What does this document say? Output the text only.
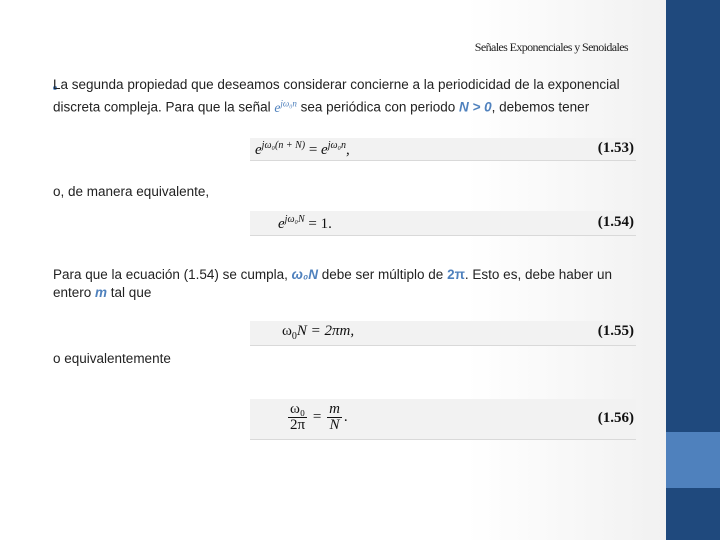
Señales Exponenciales y Senoidales
La segunda propiedad que deseamos considerar concierne a la periodicidad de la exponencial
discreta compleja. Para que la señal $e^{j\omega_0n}$ sea periódica con periodo N > 0, debemos tener
$e^{j\omega_0(n + N)} = e^{j\omega_0n}$,	(1.53)
o, de manera equivalente,
$e^{j\omega_0N} = 1$.	(1.54)
Para que la ecuación (1.54) se cumpla, ω₀N debe ser múltiplo de 2π. Esto es, debe haber un
entero m tal que
$\omega_0N = 2\pi m$,	(1.55)
o equivalentemente
$\frac{\text{ω₀}}{2\pi} = \frac{m}{N}$ .	(1.56)
